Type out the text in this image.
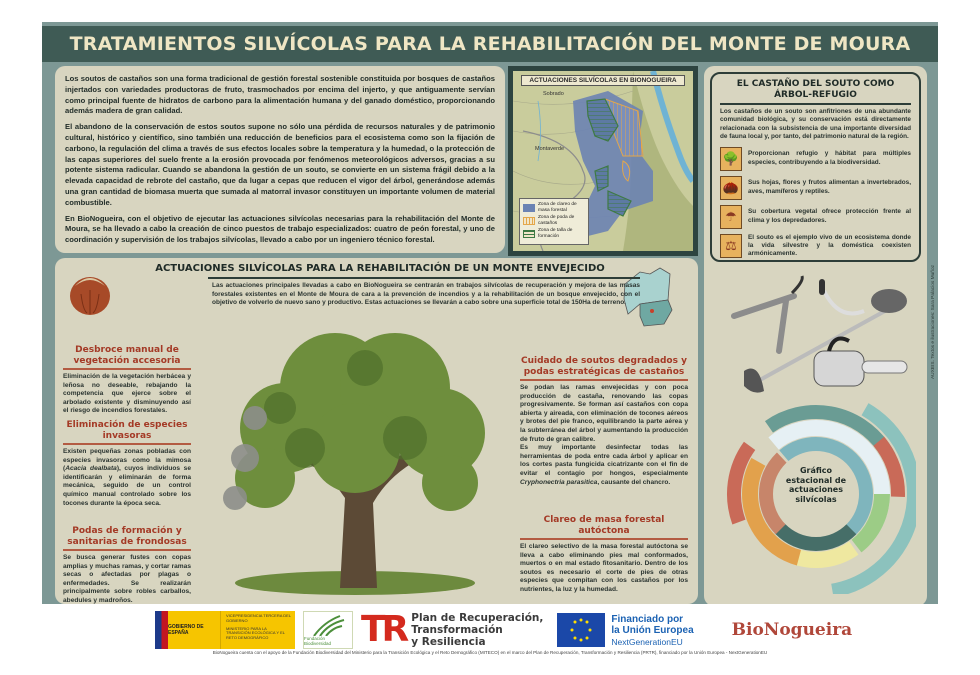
TRATAMIENTOS SILVÍCOLAS PARA LA REHABILITACIÓN DEL MONTE DE MOURA

Los soutos de castaños son una forma tradicional de gestión forestal sostenible constituida por bosques de castaños injertados con variedades productoras de fruto, trasmochados por encima del injerto, y que antiguamente servían como principal fuente de hidratos de carbono para la alimentación humana y del ganado doméstico, proporcionando además madera de gran calidad.

El abandono de la conservación de estos soutos supone no sólo una pérdida de recursos naturales y de patrimonio cultural, histórico y científico, sino también una reducción de beneficios para el ecosistema como son la fijación de carbono, la regulación del clima a través de sus efectos locales sobre la temperatura y la humedad, o la protección de las capas superiores del suelo frente a la erosión provocada por fenómenos meteorológicos adversos, gracias a su potente sistema radicular. Cuando se abandona la gestión de un souto, se convierte en un sistema frágil debido a la elevada capacidad de rebrote del castaño, que da lugar a cepas que reducen el vigor del árbol, generándose además una gran cantidad de biomasa muerta que sumada al matorral invasor constituyen un importante volumen de material combustible.

En BioNogueira, con el objetivo de ejecutar las actuaciones silvícolas necesarias para la rehabilitación del Monte de Moura, se ha llevado a cabo la creación de cinco puestos de trabajo especializados: cuatro de peón forestal, y uno de coordinación y supervisión de los trabajos silvícolas, llevado a cabo por un ingeniero técnico forestal.

ACTUACIONES SILVÍCOLAS EN BIONOGUEIRA
Sobrado
Montaverde
Zona de clareo de masa forestal
Zona de poda de castaños
Zona de talla de formación
EL CASTAÑO DEL SOUTO COMO ÁRBOL-REFUGIO

Los castaños de un souto son anfitriones de una abundante comunidad biológica, y su conservación está directamente relacionada con la subsistencia de una importante diversidad de fauna local y, por tanto, del patrimonio natural de la región.

🌳	Proporcionan refugio y hábitat para múltiples especies, contribuyendo a la biodiversidad.
🌰	Sus hojas, flores y frutos alimentan a invertebrados, aves, mamíferos y reptiles.
☂	Su cobertura vegetal ofrece protección frente al clima y los depredadores.
⚖
El souto es el ejemplo vivo de un ecosistema donde la vida silvestre y la doméstica coexisten armónicamente.
Gráfico
estacional de
actuaciones
silvícolas
AUXEIS. Textos e ilustraciones: Sara Palacios Muñoz
ACTUACIONES SILVÍCOLAS PARA LA REHABILITACIÓN DE UN MONTE ENVEJECIDO

Las actuaciones principales llevadas a cabo en BioNogueira se centrarán en trabajos silvícolas de recuperación y mejora de las masas forestales existentes en el Monte de Moura de cara a la prevención de incendios y a la rehabilitación de un bosque envejecido, con el objetivo de volverlo de nuevo sano y productivo. Estas actuaciones se llevarán a cabo sobre una superficie total de 150Ha de terreno.

Desbroce manual de vegetación accesoria

Eliminación de la vegetación herbácea y leñosa no deseable, rebajando la competencia que ejerce sobre el arbolado existente y disminuyendo así el riesgo de incendios forestales.

Eliminación de especies invasoras

Existen pequeñas zonas pobladas con especies invasoras como la mimosa (Acacia dealbata), cuyos individuos se identificarán y eliminarán de forma mecánica, seguido de un control químico manual controlado sobre los tocones durante la época seca.

Podas de formación y sanitarias de frondosas

Se busca generar fustes con copas amplias y muchas ramas, y cortar ramas secas o afectadas por plagas o enfermedades. Se realizarán principalmente sobre robles carballos, abedules y madroños.

Cuidado de soutos degradados y podas estratégicas de castaños

Se podan las ramas envejecidas y con poca producción de castaña, renovando las copas progresivamente. Se forman así castaños con copa abierta y aireada, con eliminación de tocones aéreos y brotes del pie franco, equilibrando la parte aérea y la subterránea del árbol y aumentando la producción de fruto de gran calibre.

Es muy importante desinfectar todas las herramientas de poda entre cada árbol y aplicar en los cortes pasta fungicida cicatrizante con el fin de evitar el contagio por hongos, especialmente Cryphonectria parasitica, causante del chancro.

Clareo de masa forestal autóctona

El clareo selectivo de la masa forestal autóctona se lleva a cabo eliminando pies mal conformados, muertos o en mal estado fitosanitario. Dentro de los soutos es necesario el corte de pies de otras especies que compitan con los castaños por los nutrientes, la luz y la humedad.

GOBIERNO DE ESPAÑA
VICEPRESIDENCIA TERCERA DEL GOBIERNO
MINISTERIO PARA LA TRANSICIÓN ECOLÓGICA Y EL RETO DEMOGRÁFICO	Fundación Biodiversidad TR Plan de Recuperación,
Transformación
y Resiliencia
Financiado por
la Unión Europea
NextGenerationEU
BioNogueira
BioNogueira cuenta con el apoyo de la Fundación Biodiversidad del Ministerio para la Transición Ecológica y el Reto Demográfico (MITECO) en el marco del Plan de Recuperación, Transformación y Resiliencia (PRTR), financiado por la Unión Europea - NextGenerationEU
